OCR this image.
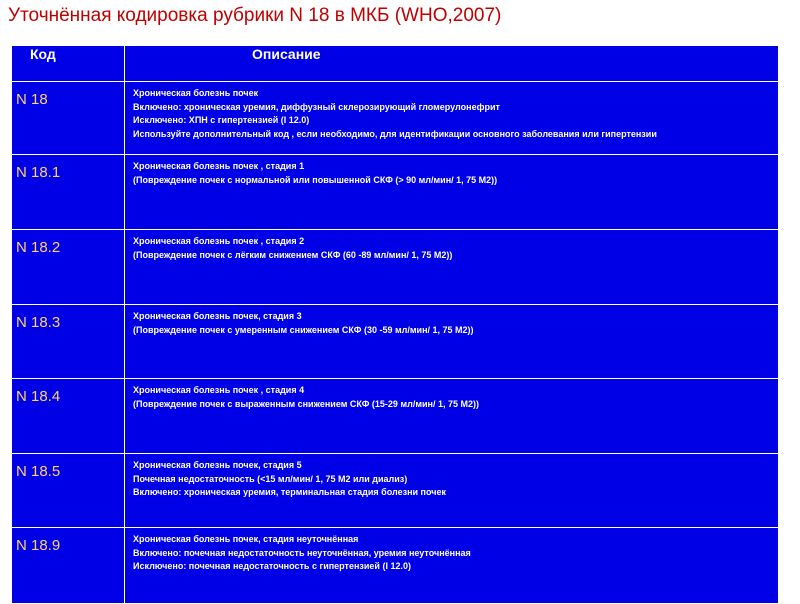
Уточнённая кодировка рубрики N 18 в МКБ (WHO,2007)
Код	Описание
N 18	Хроническая болезнь почек
Включено: хроническая уремия, диффузный склерозирующий гломерулонефрит
Исключено: ХПН с гипертензией (I 12.0)
Используйте дополнительный код , если необходимо, для идентификации основного заболевания или гипертензии

N 18.1	Хроническая болезнь почек , стадия 1
(Повреждение почек с нормальной или повышенной СКФ (> 90 мл/мин/ 1, 75 М2))

N 18.2	Хроническая болезнь почек , стадия 2
(Повреждение почек с лёгким снижением СКФ (60 -89 мл/мин/ 1, 75 М2))

N 18.3	Хроническая болезнь почек, стадия 3
(Повреждение почек с умеренным снижением СКФ (30 -59 мл/мин/ 1, 75 М2))

N 18.4	Хроническая болезнь почек , стадия 4
(Повреждение почек с выраженным снижением СКФ (15-29 мл/мин/ 1, 75 М2))

N 18.5	Хроническая болезнь почек, стадия 5
Почечная недостаточность (<15 мл/мин/ 1, 75 М2 или диализ)
Включено: хроническая уремия, терминальная стадия болезни почек

N 18.9	Хроническая болезнь почек, стадия неуточнённая
Включено: почечная недостаточность неуточнённая, уремия неуточнённая
Исключено: почечная недостаточность с гипертензией (I 12.0)
